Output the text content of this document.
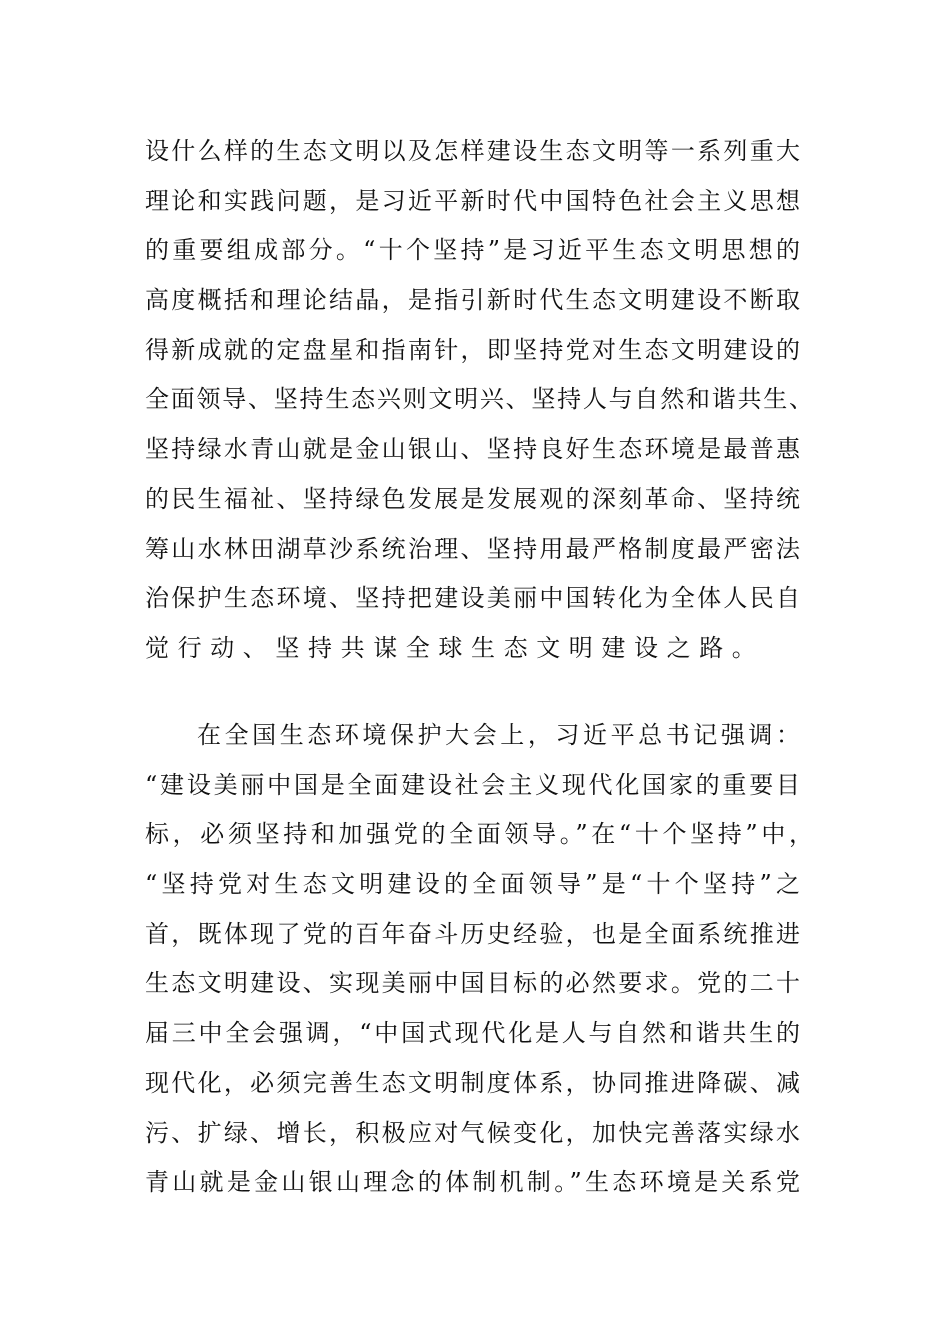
设什么样的生态文明以及怎样建设生态文明等一系列重大
理论和实践问题，是习近平新时代中国特色社会主义思想
的重要组成部分。“十个坚持”是习近平生态文明思想的
高度概括和理论结晶，是指引新时代生态文明建设不断取
得新成就的定盘星和指南针，即坚持党对生态文明建设的
全面领导、坚持生态兴则文明兴、坚持人与自然和谐共生、
坚持绿水青山就是金山银山、坚持良好生态环境是最普惠
的民生福祉、坚持绿色发展是发展观的深刻革命、坚持统
筹山水林田湖草沙系统治理、坚持用最严格制度最严密法
治保护生态环境、坚持把建设美丽中国转化为全体人民自
觉行动、坚持共谋全球生态文明建设之路。
在全国生态环境保护大会上，习近平总书记强调：
“建设美丽中国是全面建设社会主义现代化国家的重要目
标，必须坚持和加强党的全面领导。”在“十个坚持”中，
“坚持党对生态文明建设的全面领导”是“十个坚持”之
首，既体现了党的百年奋斗历史经验，也是全面系统推进
生态文明建设、实现美丽中国目标的必然要求。党的二十
届三中全会强调，“中国式现代化是人与自然和谐共生的
现代化，必须完善生态文明制度体系，协同推进降碳、减
污、扩绿、增长，积极应对气候变化，加快完善落实绿水
青山就是金山银山理念的体制机制。”生态环境是关系党
